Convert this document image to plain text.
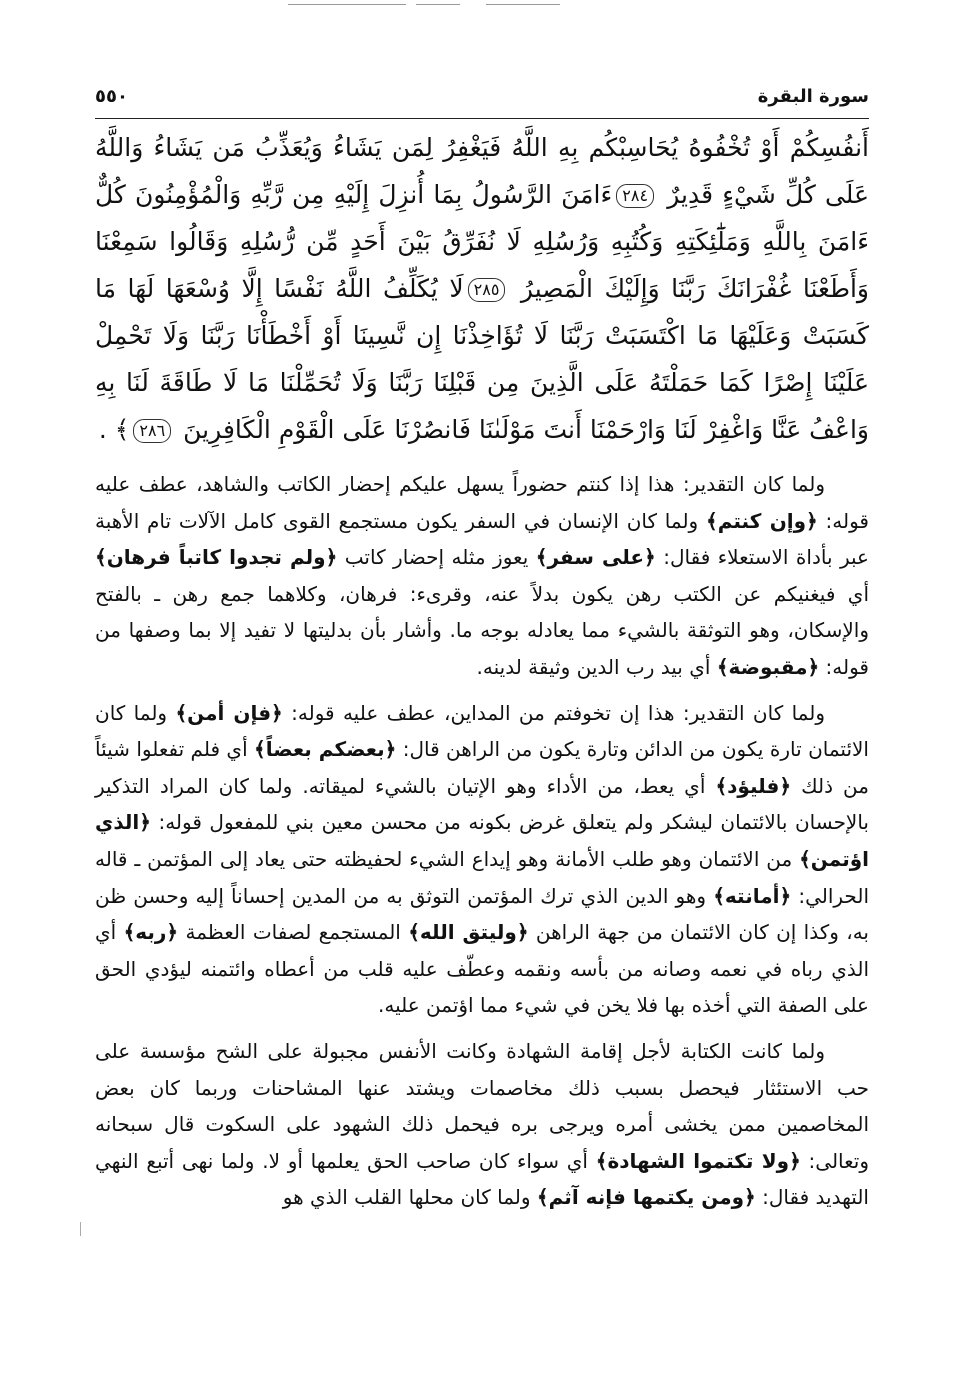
سورة البقرة
٥٥٠
أَنفُسِكُمْ أَوْ تُخْفُوهُ يُحَاسِبْكُم بِهِ اللَّهُ فَيَغْفِرُ لِمَن يَشَاءُ وَيُعَذِّبُ مَن يَشَاءُ وَاللَّهُ عَلَى كُلِّ شَيْءٍ قَدِيرٌ ٢٨٤ءَامَنَ الرَّسُولُ بِمَا أُنزِلَ إِلَيْهِ مِن رَّبِّهِ وَالْمُؤْمِنُونَ كُلٌّ ءَامَنَ بِاللَّهِ وَمَلَٰٓئِكَتِهِ وَكُتُبِهِ وَرُسُلِهِ لَا نُفَرِّقُ بَيْنَ أَحَدٍ مِّن رُّسُلِهِ وَقَالُوا سَمِعْنَا وَأَطَعْنَا غُفْرَانَكَ رَبَّنَا وَإِلَيْكَ الْمَصِيرُ ٢٨٥لَا يُكَلِّفُ اللَّهُ نَفْسًا إِلَّا وُسْعَهَا لَهَا مَا كَسَبَتْ وَعَلَيْهَا مَا اكْتَسَبَتْ رَبَّنَا لَا تُؤَاخِذْنَا إِن نَّسِينَا أَوْ أَخْطَأْنَا رَبَّنَا وَلَا تَحْمِلْ عَلَيْنَا إِصْرًا كَمَا حَمَلْتَهُ عَلَى الَّذِينَ مِن قَبْلِنَا رَبَّنَا وَلَا تُحَمِّلْنَا مَا لَا طَاقَةَ لَنَا بِهِ وَاعْفُ عَنَّا وَاغْفِرْ لَنَا وَارْحَمْنَا أَنتَ مَوْلَىٰنَا فَانصُرْنَا عَلَى الْقَوْمِ الْكَافِرِينَ ٢٨٦﴾ .

ولما كان التقدير: هذا إذا كنتم حضوراً يسهل عليكم إحضار الكاتب والشاهد، عطف عليه قوله: ﴿وإن كنتم﴾ ولما كان الإنسان في السفر يكون مستجمع القوى كامل الآلات تام الأهبة عبر بأداة الاستعلاء فقال: ﴿على سفر﴾ يعوز مثله إحضار كاتب ﴿ولم تجدوا كاتباً فرهان﴾ أي فيغنيكم عن الكتب رهن يكون بدلاً عنه، وقرىء: فرهان، وكلاهما جمع رهن ـ بالفتح والإسكان، وهو التوثقة بالشيء مما يعادله بوجه ما. وأشار بأن بدليتها لا تفيد إلا بما وصفها من قوله: ﴿مقبوضة﴾ أي بيد رب الدين وثيقة لدينه.

ولما كان التقدير: هذا إن تخوفتم من المداين، عطف عليه قوله: ﴿فإن أمن﴾ ولما كان الائتمان تارة يكون من الدائن وتارة يكون من الراهن قال: ﴿بعضكم بعضاً﴾ أي فلم تفعلوا شيئاً من ذلك ﴿فليؤد﴾ أي يعط، من الأداء وهو الإتيان بالشيء لميقاته. ولما كان المراد التذكير بالإحسان بالائتمان ليشكر ولم يتعلق غرض بكونه من محسن معين بني للمفعول قوله: ﴿الذي اؤتمن﴾ من الائتمان وهو طلب الأمانة وهو إيداع الشيء لحفيظته حتى يعاد إلى المؤتمن ـ قاله الحرالي: ﴿أمانته﴾ وهو الدين الذي ترك المؤتمن التوثق به من المدين إحساناً إليه وحسن ظن به، وكذا إن كان الائتمان من جهة الراهن ﴿وليتق الله﴾ المستجمع لصفات العظمة ﴿ربه﴾ أي الذي رباه في نعمه وصانه من بأسه ونقمه وعطّف عليه قلب من أعطاه وائتمنه ليؤدي الحق على الصفة التي أخذه بها فلا يخن في شيء مما اؤتمن عليه.

ولما كانت الكتابة لأجل إقامة الشهادة وكانت الأنفس مجبولة على الشح مؤسسة على حب الاستئثار فيحصل بسبب ذلك مخاصمات ويشتد عنها المشاحنات وربما كان بعض المخاصمين ممن يخشى أمره ويرجى بره فيحمل ذلك الشهود على السكوت قال سبحانه وتعالى: ﴿ولا تكتموا الشهادة﴾ أي سواء كان صاحب الحق يعلمها أو لا. ولما نهى أتبع النهي التهديد فقال: ﴿ومن يكتمها فإنه آثم﴾ ولما كان محلها القلب الذي هو
